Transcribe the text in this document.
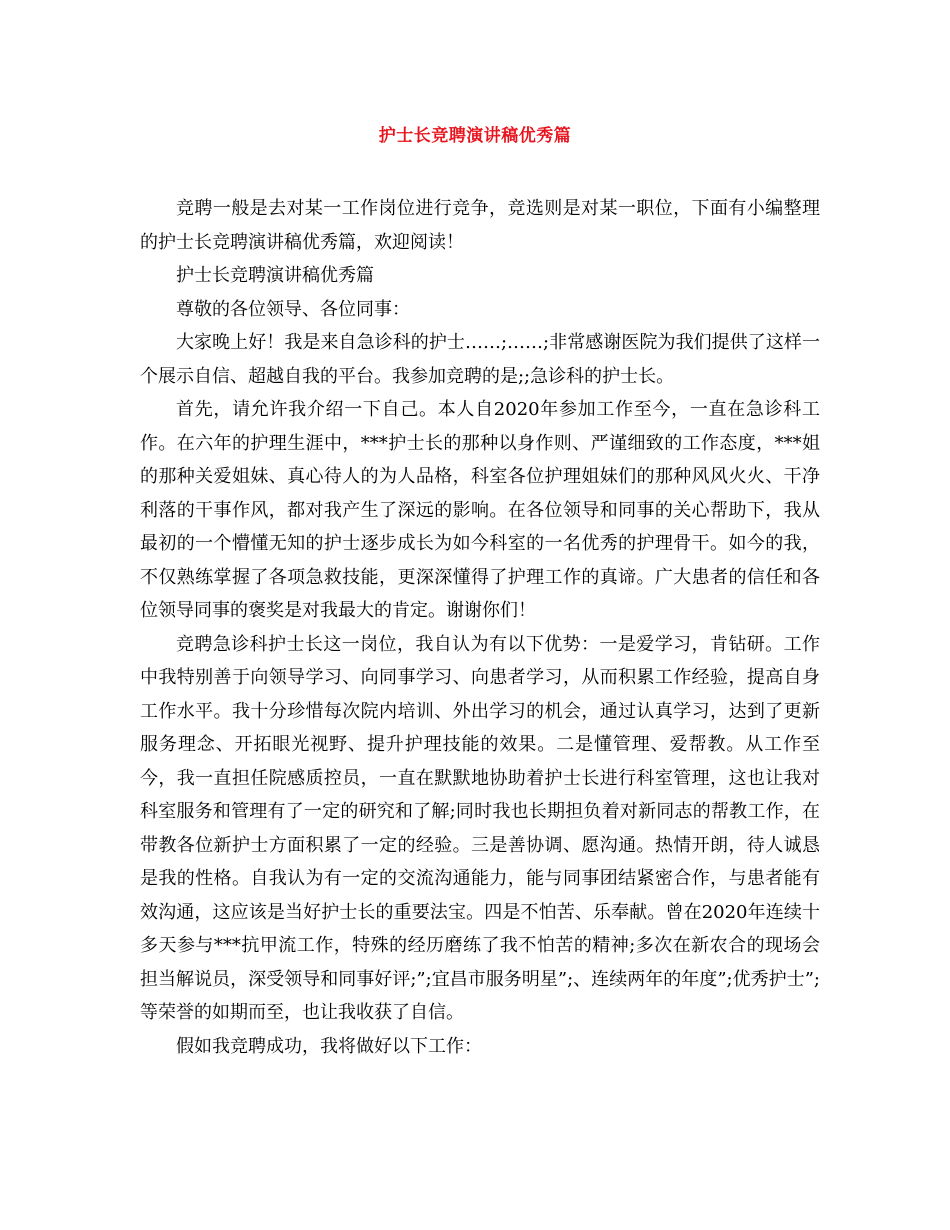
护士长竞聘演讲稿优秀篇

竞聘一般是去对某一工作岗位进行竞争，竞选则是对某一职位，下面有小编整理的护士长竞聘演讲稿优秀篇，欢迎阅读！

护士长竞聘演讲稿优秀篇

尊敬的各位领导、各位同事：

大家晚上好！我是来自急诊科的护士……;……;非常感谢医院为我们提供了这样一个展示自信、超越自我的平台。我参加竞聘的是;;急诊科的护士长。

首先，请允许我介绍一下自己。本人自2020年参加工作至今，一直在急诊科工作。在六年的护理生涯中，***护士长的那种以身作则、严谨细致的工作态度，***姐的那种关爱姐妹、真心待人的为人品格，科室各位护理姐妹们的那种风风火火、干净利落的干事作风，都对我产生了深远的影响。在各位领导和同事的关心帮助下，我从最初的一个懵懂无知的护士逐步成长为如今科室的一名优秀的护理骨干。如今的我，不仅熟练掌握了各项急救技能，更深深懂得了护理工作的真谛。广大患者的信任和各位领导同事的褒奖是对我最大的肯定。谢谢你们！

竞聘急诊科护士长这一岗位，我自认为有以下优势：一是爱学习，肯钻研。工作中我特别善于向领导学习、向同事学习、向患者学习，从而积累工作经验，提高自身工作水平。我十分珍惜每次院内培训、外出学习的机会，通过认真学习，达到了更新服务理念、开拓眼光视野、提升护理技能的效果。二是懂管理、爱帮教。从工作至今，我一直担任院感质控员，一直在默默地协助着护士长进行科室管理，这也让我对科室服务和管理有了一定的研究和了解;同时我也长期担负着对新同志的帮教工作，在带教各位新护士方面积累了一定的经验。三是善协调、愿沟通。热情开朗，待人诚恳是我的性格。自我认为有一定的交流沟通能力，能与同事团结紧密合作，与患者能有效沟通，这应该是当好护士长的重要法宝。四是不怕苦、乐奉献。曾在2020年连续十多天参与***抗甲流工作，特殊的经历磨练了我不怕苦的精神;多次在新农合的现场会担当解说员，深受领导和同事好评;”;宜昌市服务明星”;、连续两年的年度”;优秀护士”;等荣誉的如期而至，也让我收获了自信。

假如我竞聘成功，我将做好以下工作：
